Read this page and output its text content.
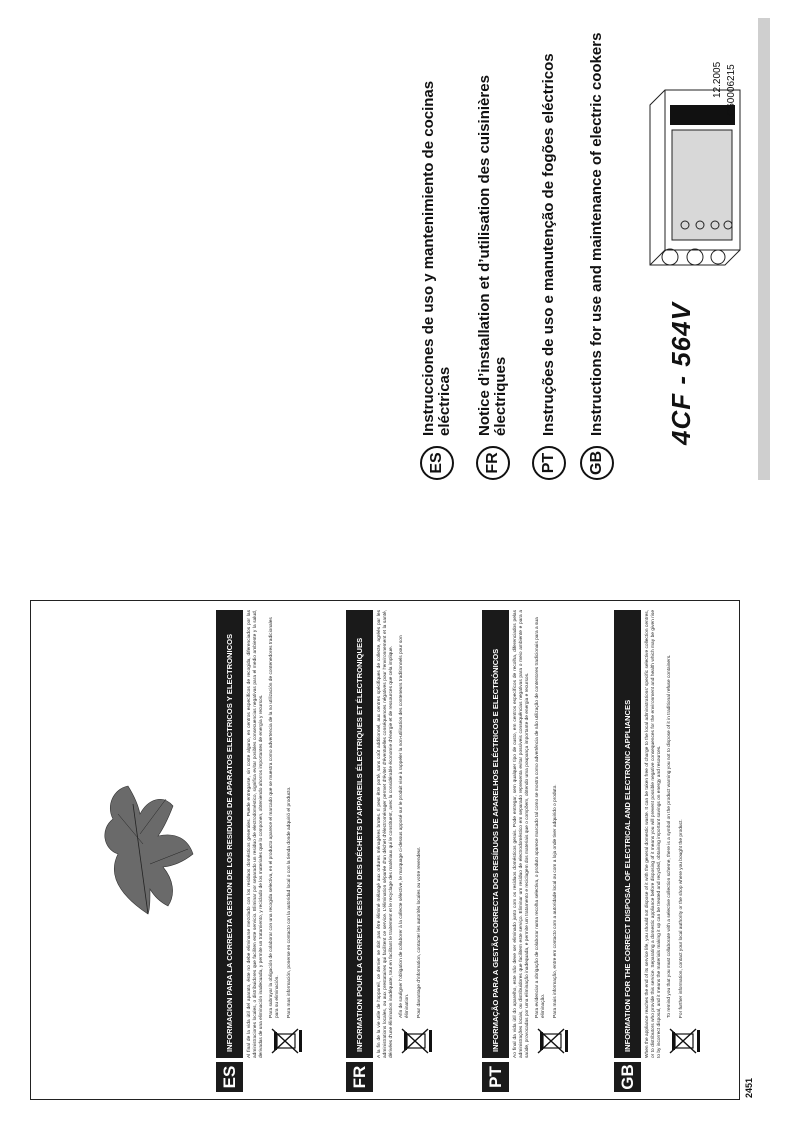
ES
INFORMACION PARA LA CORRECTA GESTION DE LOS RESIDUOS DE APARATOS ELECTRICOS Y ELECTRONICOS	Al final de la vida útil del aparato, éste no debe eliminarse mezclado con los residuos domésticos generales. Puede entregarse, sin coste alguno, en centros específicos de recogida, diferenciados por las administraciones locales, o distribuidores que faciliten este servicio. Eliminar por separado un residuo de electrodoméstico, significa evitar posibles consecuencias negativas para el medio ambiente y la salud, derivadas de una eliminación inadecuada, y permite un tratamiento, y reciclado de los materiales que lo componen, obteniendo ahorros importantes de energía y recursos. Para subrayar la obligación de colaborar con una recogida selectiva, en el producto aparece el marcado que se muestra como advertencia de la no utilización de contenedores tradicionales para su eliminación. Para mas información, ponerse en contacto con la autoridad local o con la tienda donde adquirió el producto.

FR
INFORMATION POUR LA CORRECTE GESTION DES DÉCHETS D’APPAREILS ÉLECTRIQUES ET ÉLECTRONIQUES	A la fin de la vie utile de l’appareil, ce dernier ne doit pas être éliminé mélangé aux ordures ménagères brutes. Il peut être porté, sans coût additionnel, aux centres spécifiques de collecte, agréés par les administrations locales, ou aux prestataires qui facilitent ce service. L’élimination séparée d’un déchet d’électroménager permet d’éviter d’éventuelles conséquences négatives pour l’environnement et la santé, dérivées d’une élimination inadéquate, tout en facilitant le traitement et le recyclage des matériaux qui le constituent, avec la considérable économie d’énergie et de ressources que cela implique. Afin de souligner l’obligation de collaborer à la collecte sélective, le marquage ci-dessus apposé sur le produit vise à rappeler la non-utilisation des conteneurs traditionnels pour son élimination. Pour davantage d’information, contacter les autorités locales ou votre revendeur.

PT
INFORMAÇÃO PARA A GESTÃO CORRECTA DOS RESÍDUOS DE APARELHOS ELÉCTRICOS E ELECTRÓNICOS	Ao final da vida útil do aparelho, este não deve ser eliminado junto com os resíduos domésticos gerais. Pode entregar, sem qualquer tipo de custo, em centros específicos de recolha, diferenciados pelas administrações locais, ou distribuidores que facilitem este serviço. Eliminar um resíduo de electrodoméstico em separado representa evitar possíveis consequências negativas para o meio ambiente e para a saúde, provocadas por uma eliminação inadequada, e permite um tratamento e reciclagem dos materiais que o compõem, obtendo uma poupança importante de energia e recursos. Para evidenciar a obrigação de colaborar numa recolha selectiva, o produto aparece marcado tal como se mostra como advertência de não utilização de contentores tradicionais para a sua eliminação. Para mais informação, entre em contacto com a autoridade local ou com a loja onde tiver adquirido o produto.

GB
INFORMATION FOR THE CORRECT DISPOSAL OF ELECTRICAL AND ELECTRONIC APPLIANCES	When the appliance reaches the end of its service life, you should not dispose of it with the general domestic waste. It can be taken free of charge to the local administrations’ specific selective collection centres, or to distributors who provide this service. Separating a domestic appliance before disposing of it means you will prevent possible negative consequences for the environment and health which may be given rise to by incorrect disposal, and it means the materials making it up can be treated and recycled, obtaining important savings on energy and resources. To remind you that you must collaborate with a selective collection scheme, there is a symbol on the product warning you not to dispose of it in traditional refuse containers. For further information, contact your local authority or the shop where you bought the product.

2451
ES
Instrucciones de uso y mantenimiento de cocinas eléctricas
FR
Notice d’installation et d’utilisation des cuisinières électriques
PT
Instruções de uso e manutenção de fogões eléctricos
GB
Instructions for use and maintenance of electric cookers 4CF - 564V
12.2005 C60006215
